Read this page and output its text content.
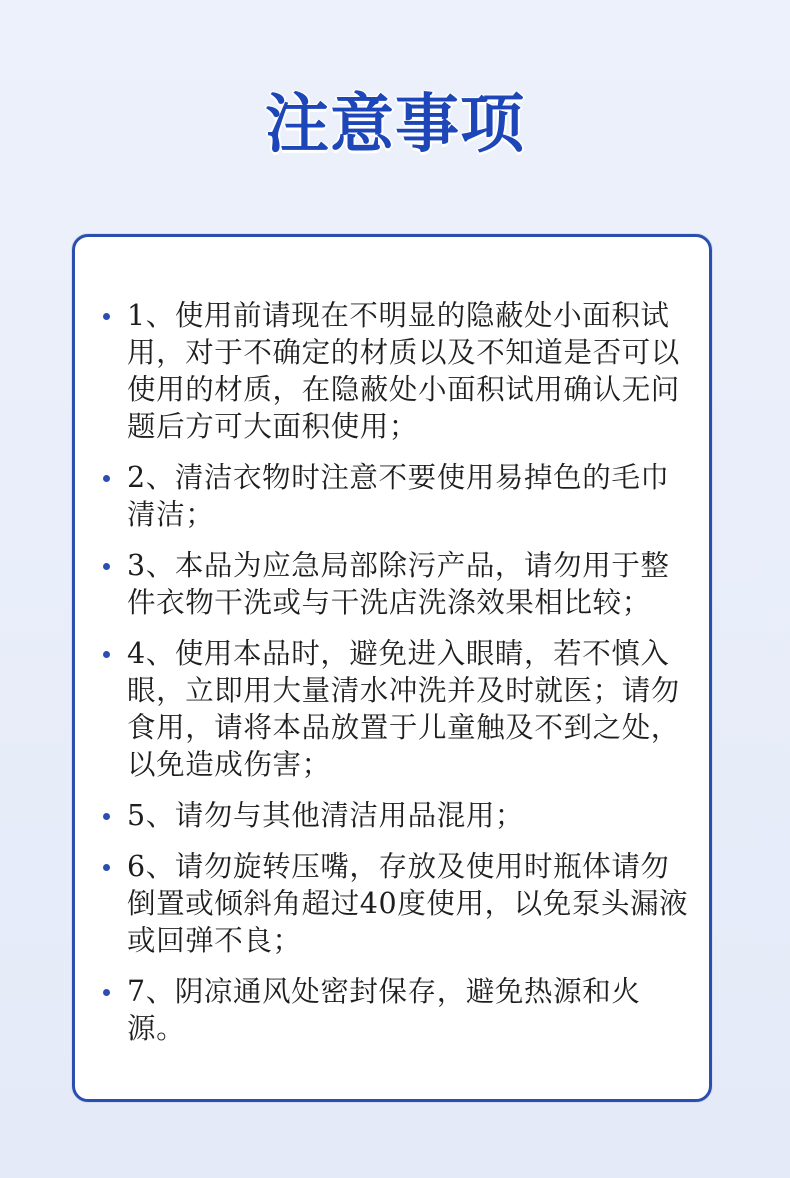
注意事项
1、使用前请现在不明显的隐蔽处小面积试用，对于不确定的材质以及不知道是否可以使用的材质，在隐蔽处小面积试用确认无问题后方可大面积使用；
2、清洁衣物时注意不要使用易掉色的毛巾清洁；
3、本品为应急局部除污产品，请勿用于整件衣物干洗或与干洗店洗涤效果相比较；
4、使用本品时，避免进入眼睛，若不慎入眼，立即用大量清水冲洗并及时就医；请勿食用，请将本品放置于儿童触及不到之处，以免造成伤害；
5、请勿与其他清洁用品混用；
6、请勿旋转压嘴，存放及使用时瓶体请勿倒置或倾斜角超过40度使用，以免泵头漏液或回弹不良；
7、阴凉通风处密封保存，避免热源和火源。
